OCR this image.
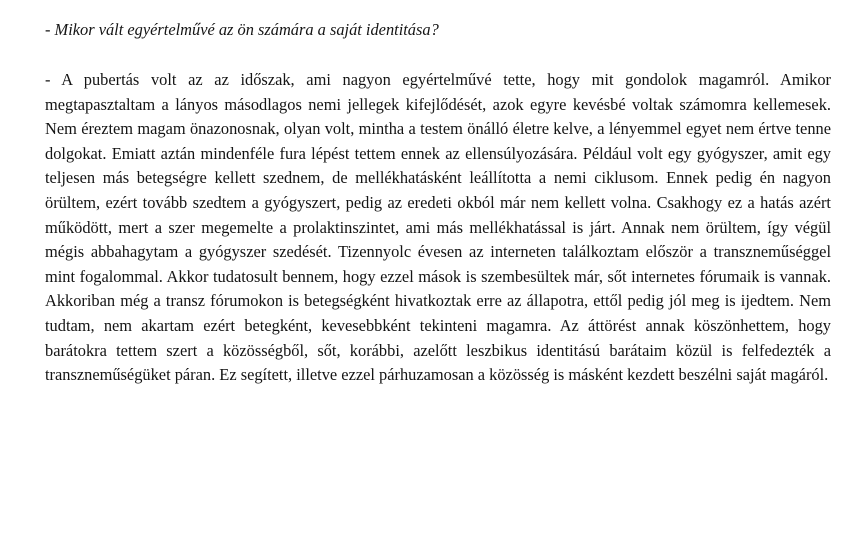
- Mikor vált egyértelművé az ön számára a saját identitása?

- A pubertás volt az az időszak, ami nagyon egyértelművé tette, hogy mit gondolok magamról. Amikor megtapasztaltam a lányos másodlagos nemi jellegek kifejlődését, azok egyre kevésbé voltak számomra kellemesek. Nem éreztem magam önazonosnak, olyan volt, mintha a testem önálló életre kelve, a lényemmel egyet nem értve tenne dolgokat. Emiatt aztán mindenféle fura lépést tettem ennek az ellensúlyozására. Például volt egy gyógyszer, amit egy teljesen más betegségre kellett szednem, de mellékhatásként leállította a nemi ciklusom. Ennek pedig én nagyon örültem, ezért tovább szedtem a gyógyszert, pedig az eredeti okból már nem kellett volna. Csakhogy ez a hatás azért működött, mert a szer megemelte a prolaktinszintet, ami más mellékhatással is járt. Annak nem örültem, így végül mégis abbahagytam a gyógyszer szedését. Tizennyolc évesen az interneten találkoztam először a transzneműséggel mint fogalommal. Akkor tudatosult bennem, hogy ezzel mások is szembesültek már, sőt internetes fórumaik is vannak. Akkoriban még a transz fórumokon is betegségként hivatkoztak erre az állapotra, ettől pedig jól meg is ijedtem. Nem tudtam, nem akartam ezért betegként, kevesebbként tekinteni magamra. Az áttörést annak köszönhettem, hogy barátokra tettem szert a közösségből, sőt, korábbi, azelőtt leszbikus identitású barátaim közül is felfedezték a transzneműségüket páran. Ez segített, illetve ezzel párhuzamosan a közösség is másként kezdett beszélni saját magáról.
